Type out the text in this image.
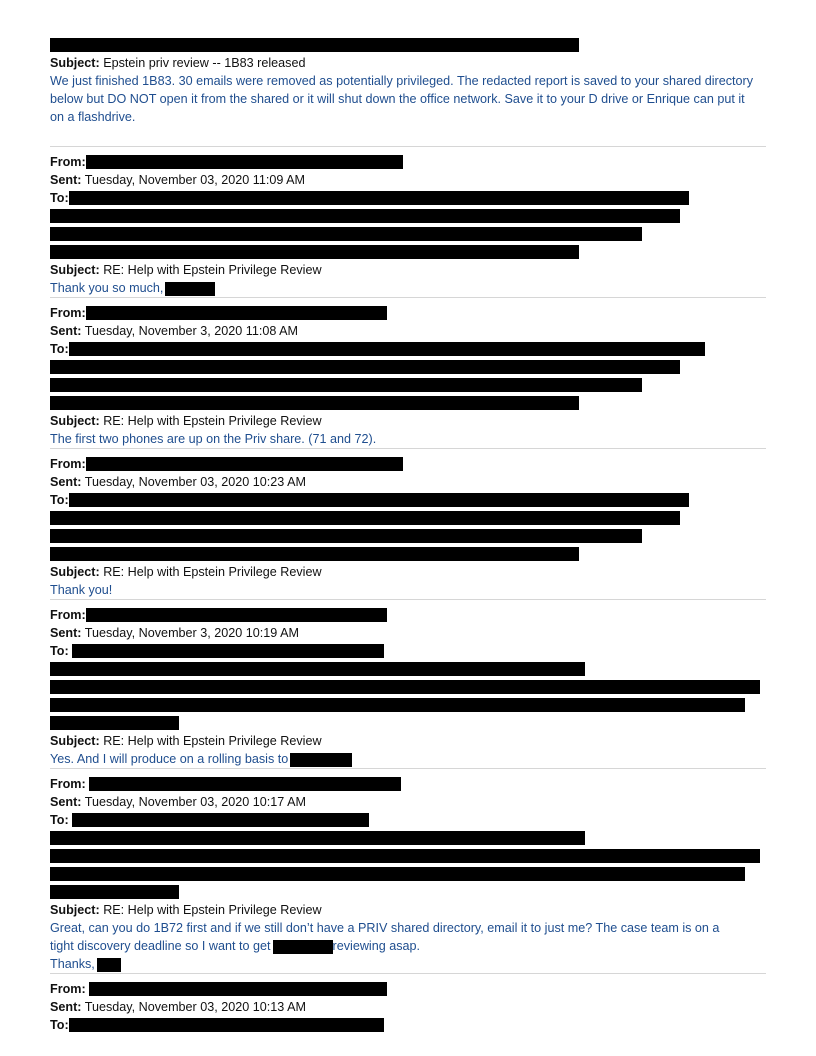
Subject: Epstein priv review -- 1B83 released
We just finished 1B83. 30 emails were removed as potentially privileged. The redacted report is saved to your shared directory below but DO NOT open it from the shared or it will shut down the office network. Save it to your D drive or Enrique can put it on a flashdrive.
From:
Sent: Tuesday, November 03, 2020 11:09 AM
To:
Subject: RE: Help with Epstein Privilege Review
Thank you so much,
From:
Sent: Tuesday, November 3, 2020 11:08 AM
To:
Subject: RE: Help with Epstein Privilege Review
The first two phones are up on the Priv share. (71 and 72).
From:
Sent: Tuesday, November 03, 2020 10:23 AM
To:
Subject: RE: Help with Epstein Privilege Review
Thank you!
From:
Sent: Tuesday, November 3, 2020 10:19 AM
To:
Subject: RE: Help with Epstein Privilege Review
Yes. And I will produce on a rolling basis to
From:
Sent: Tuesday, November 03, 2020 10:17 AM
To:
Subject: RE: Help with Epstein Privilege Review
Great, can you do 1B72 first and if we still don’t have a PRIV shared directory, email it to just me? The case team is on a
tight discovery deadline so I want to get	reviewing asap.
Thanks,
From:
Sent: Tuesday, November 03, 2020 10:13 AM
To:
